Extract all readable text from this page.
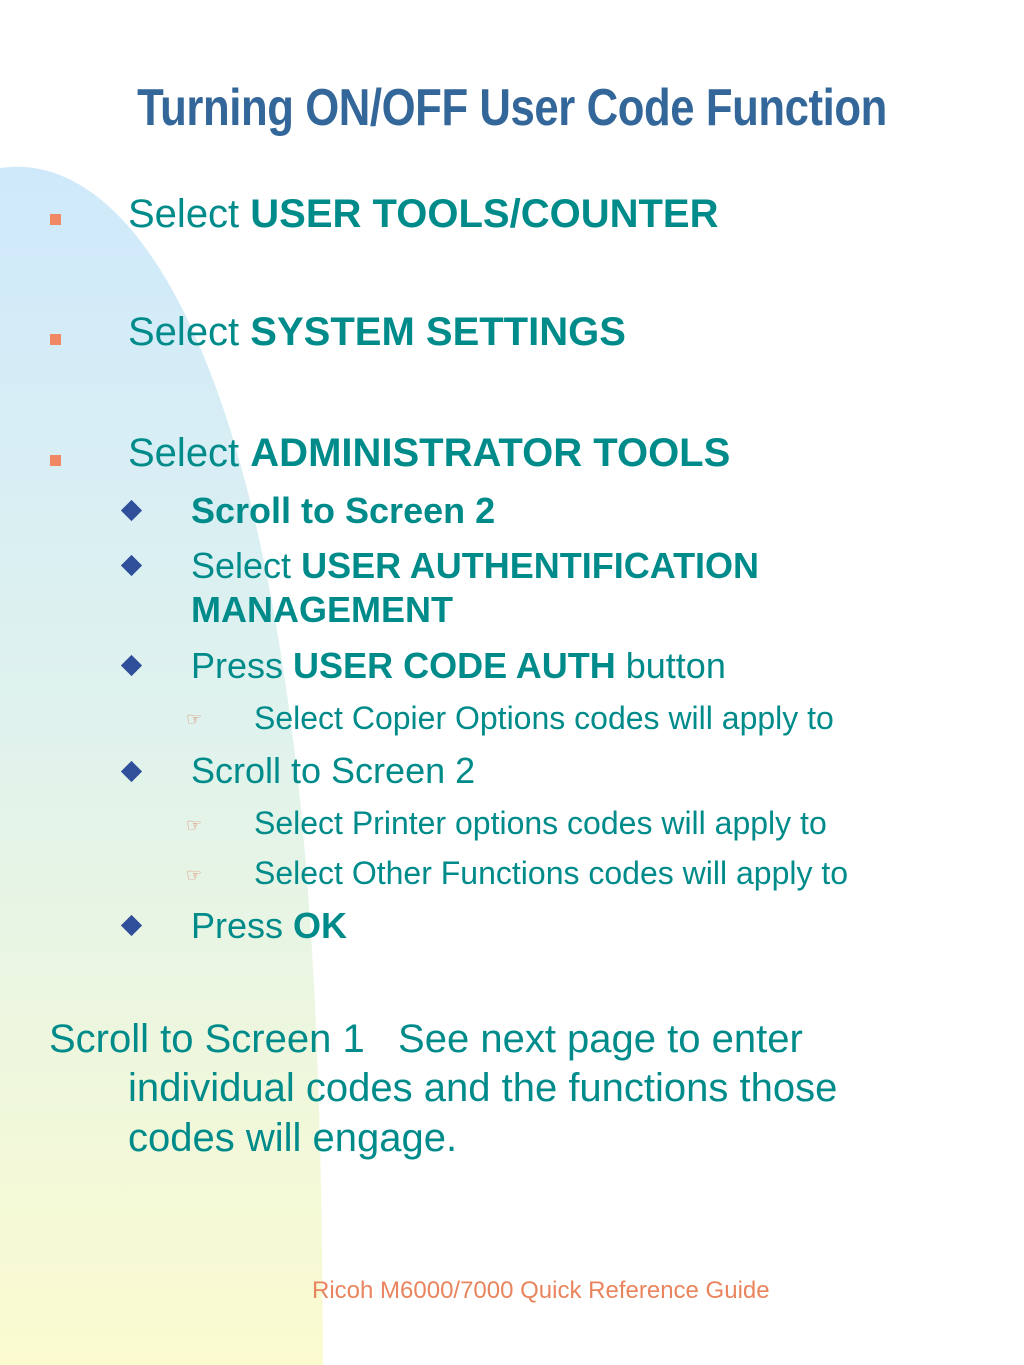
Turning ON/OFF User Code Function
Select USER TOOLS/COUNTER
Select SYSTEM SETTINGS
Select ADMINISTRATOR TOOLS
Scroll to Screen 2
Select USER AUTHENTIFICATION
MANAGEMENT
Press USER CODE AUTH button
☞ Select Copier Options codes will apply to
Scroll to Screen 2
☞ Select Printer options codes will apply to
☞ Select Other Functions codes will apply to
Press OK
Scroll to Screen 1   See next page to enter
individual codes and the functions those
codes will engage.
Ricoh M6000/7000 Quick Reference Guide
